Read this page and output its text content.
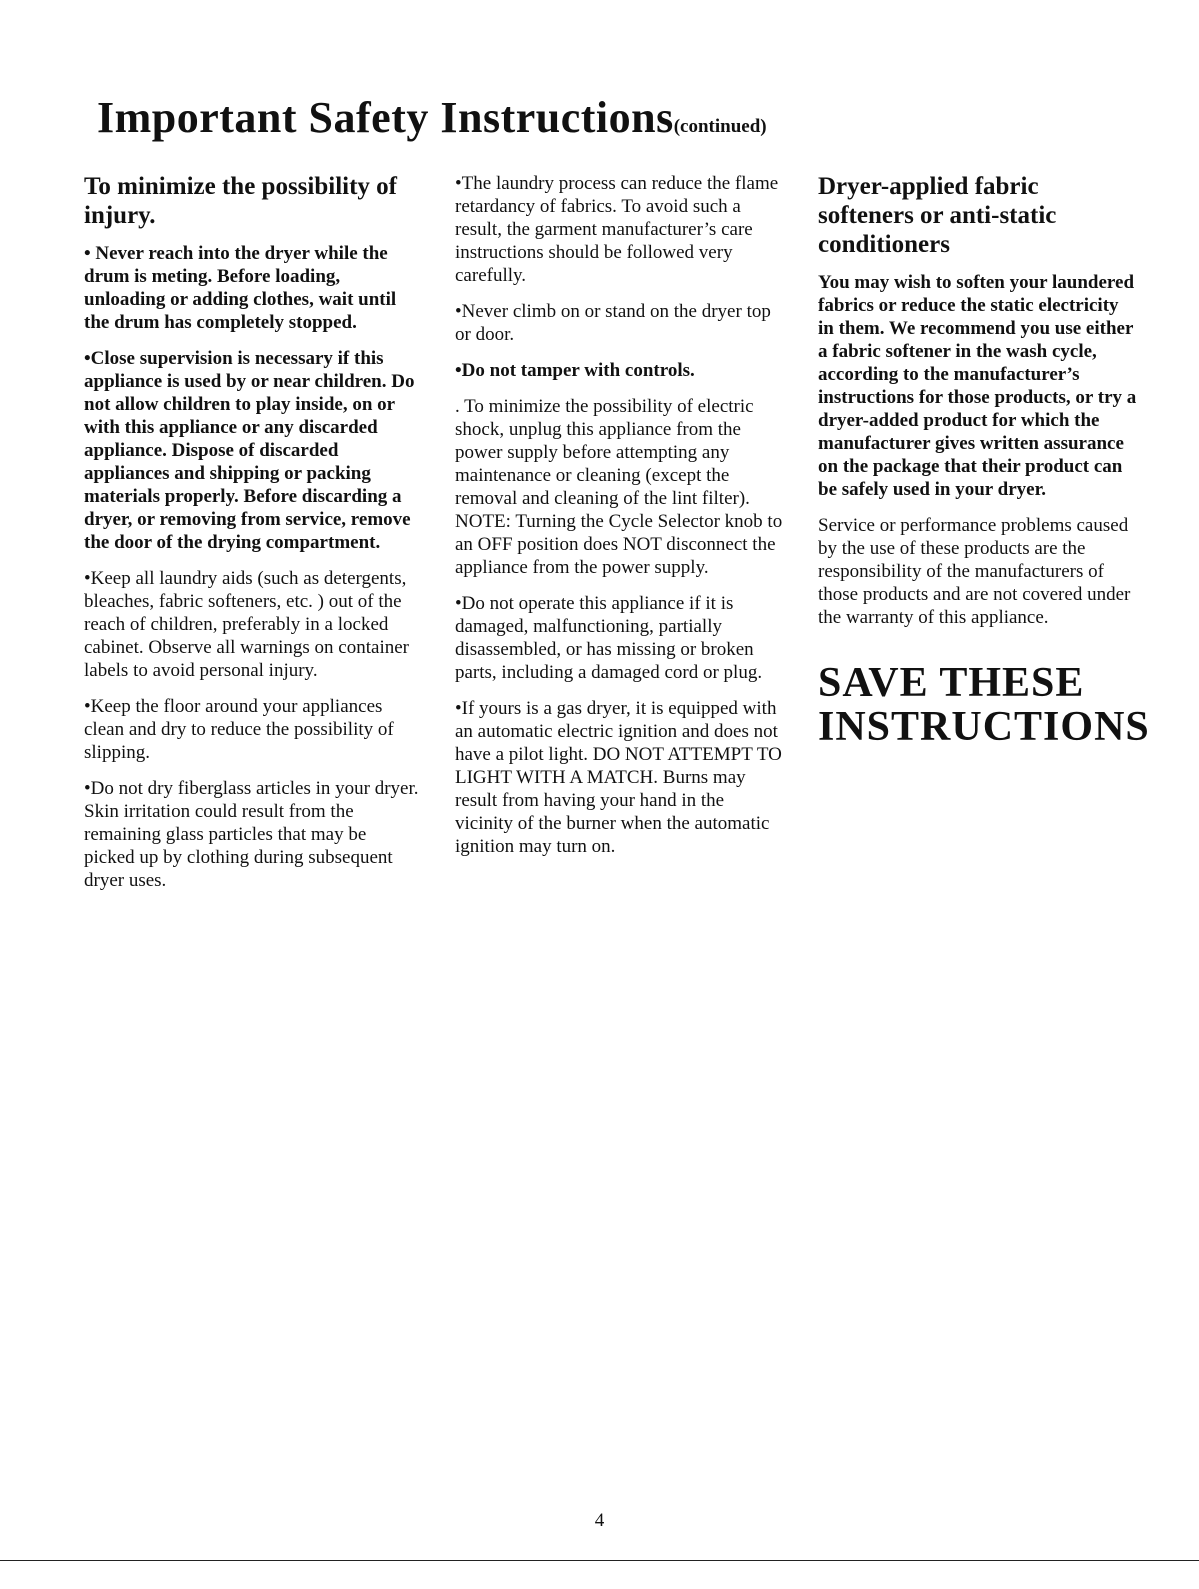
Important Safety Instructions(continued)
To minimize the possibility of injury.
• Never reach into the dryer while the drum is meting. Before loading, unloading or adding clothes, wait until the drum has completely stopped.
•Close supervision is necessary if this appliance is used by or near children. Do not allow children to play inside, on or with this appliance or any discarded appliance. Dispose of discarded appliances and shipping or packing materials properly. Before discarding a dryer, or removing from service, remove the door of the drying compartment.
•Keep all laundry aids (such as detergents, bleaches, fabric softeners, etc. ) out of the reach of children, preferably in a locked cabinet. Observe all warnings on container labels to avoid personal injury.
•Keep the floor around your appliances clean and dry to reduce the possibility of slipping.
•Do not dry fiberglass articles in your dryer. Skin irritation could result from the remaining glass particles that may be picked up by clothing during subsequent dryer uses.
•The laundry process can reduce the flame retardancy of fabrics. To avoid such a result, the garment manufacturer’s care instructions should be followed very carefully.
•Never climb on or stand on the dryer top or door.
•Do not tamper with controls.
. To minimize the possibility of electric shock, unplug this appliance from the power supply before attempting any maintenance or cleaning (except the removal and cleaning of the lint filter). NOTE: Turning the Cycle Selector knob to an OFF position does NOT disconnect the appliance from the power supply.
•Do not operate this appliance if it is damaged, malfunctioning, partially disassembled, or has missing or broken parts, including a damaged cord or plug.
•If yours is a gas dryer, it is equipped with an automatic electric ignition and does not have a pilot light. DO NOT ATTEMPT TO LIGHT WITH A MATCH. Burns may result from having your hand in the vicinity of the burner when the automatic ignition may turn on.
Dryer-applied fabric softeners or anti-static conditioners
You may wish to soften your laundered fabrics or reduce the static electricity in them. We recommend you use either a fabric softener in the wash cycle, according to the manufacturer’s instructions for those products, or try a dryer-added product for which the manufacturer gives written assurance on the package that their product can be safely used in your dryer.
Service or performance problems caused by the use of these products are the responsibility of the manufacturers of those products and are not covered under the warranty of this appliance.
SAVE THESE
INSTRUCTIONS
4
